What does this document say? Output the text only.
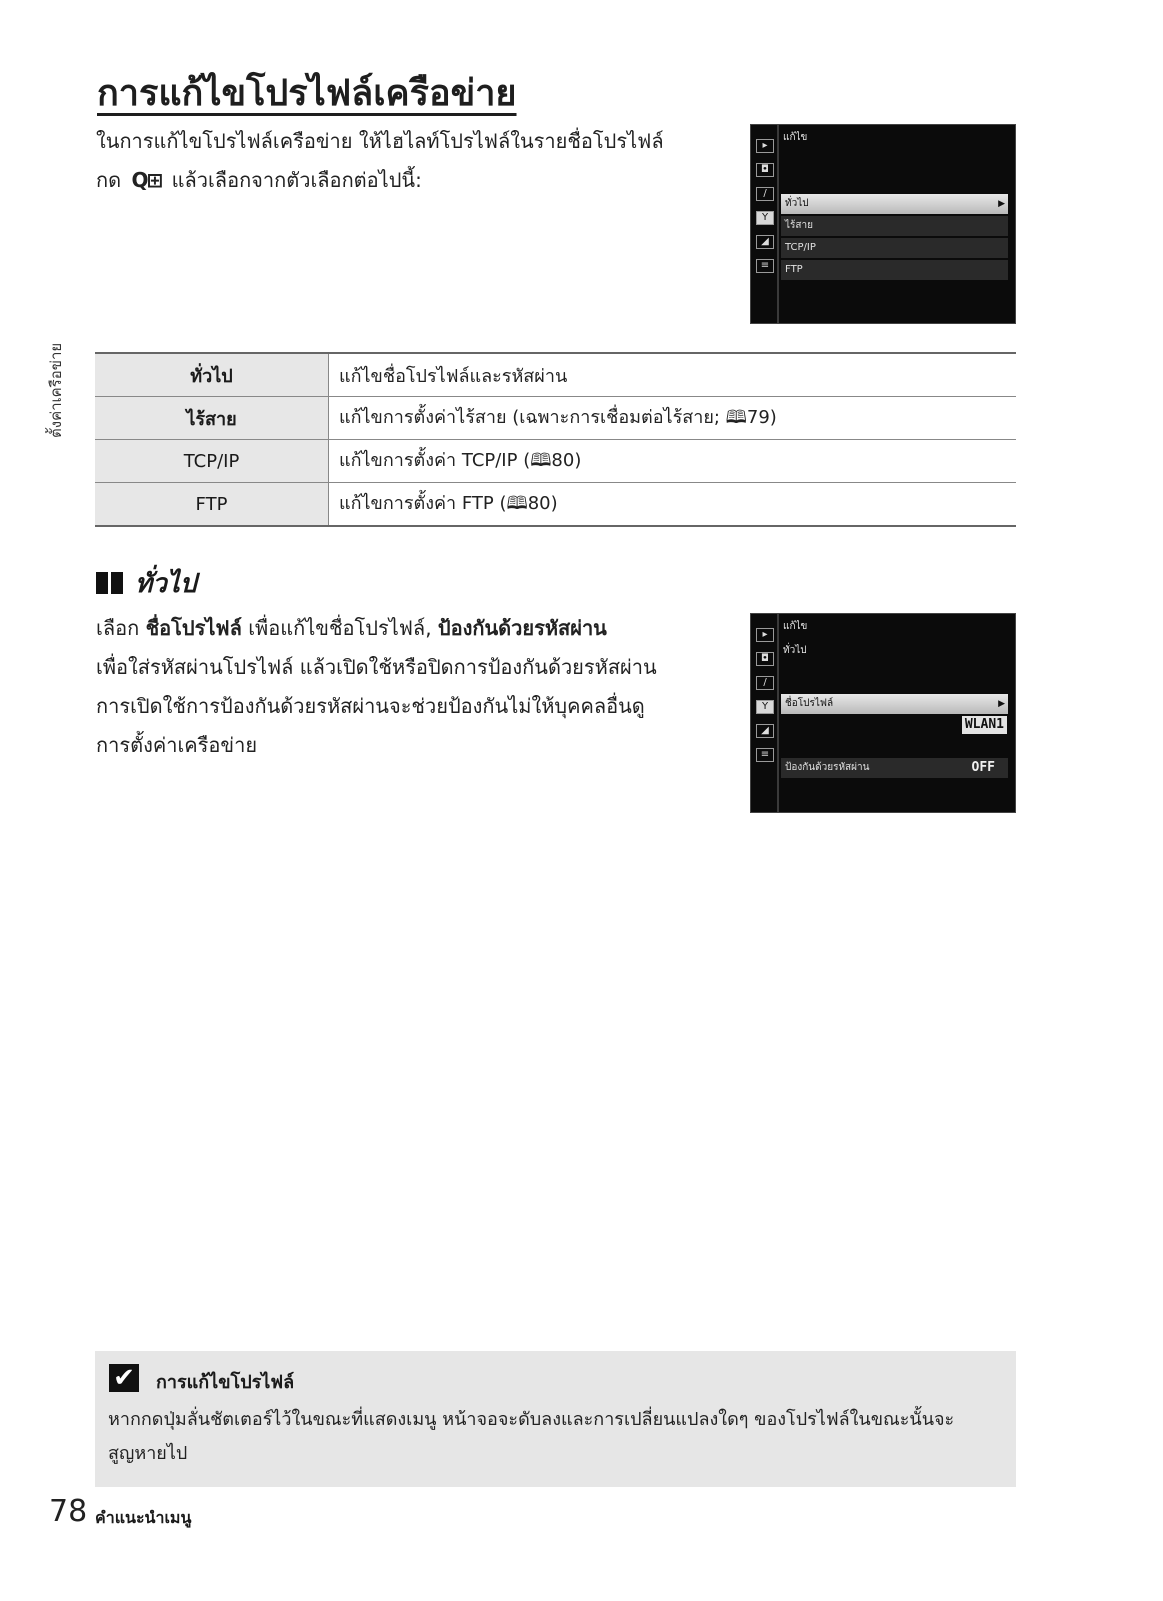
การแก้ไขโปรไฟล์เครือข่าย
ตั้งค่าเครือข่าย
ในการแก้ไขโปรไฟล์เครือข่าย ให้ไฮไลท์โปรไฟล์ในรายชื่อโปรไฟล์
กด Q⊞ แล้วเลือกจากตัวเลือกต่อไปนี้:
▸
◘
/
Y
◢
≡
แก้ไข
ทั่วไป	▶
ไร้สาย
TCP/IP
FTP
ทั่วไป	แก้ไขชื่อโปรไฟล์และรหัสผ่าน
ไร้สาย	แก้ไขการตั้งค่าไร้สาย (เฉพาะการเชื่อมต่อไร้สาย; 🕮79)
TCP/IP	แก้ไขการตั้งค่า TCP/IP (🕮80)
FTP	แก้ไขการตั้งค่า FTP (🕮80)
ทั่วไป
เลือก ชื่อโปรไฟล์ เพื่อแก้ไขชื่อโปรไฟล์, ป้องกันด้วยรหัสผ่าน
เพื่อใส่รหัสผ่านโปรไฟล์ แล้วเปิดใช้หรือปิดการป้องกันด้วยรหัสผ่าน
การเปิดใช้การป้องกันด้วยรหัสผ่านจะช่วยป้องกันไม่ให้บุคคลอื่นดู
การตั้งค่าเครือข่าย
▸
◘
/
Y
◢
≡
แก้ไข
ทั่วไป
ชื่อโปรไฟล์	▶
WLAN1
ป้องกันด้วยรหัสผ่าน	OFF
✔ การแก้ไขโปรไฟล์
หากกดปุ่มลั่นชัตเตอร์ไว้ในขณะที่แสดงเมนู หน้าจอจะดับลงและการเปลี่ยนแปลงใดๆ ของโปรไฟล์ในขณะนั้นจะสูญหายไป
78 คำแนะนำเมนู
